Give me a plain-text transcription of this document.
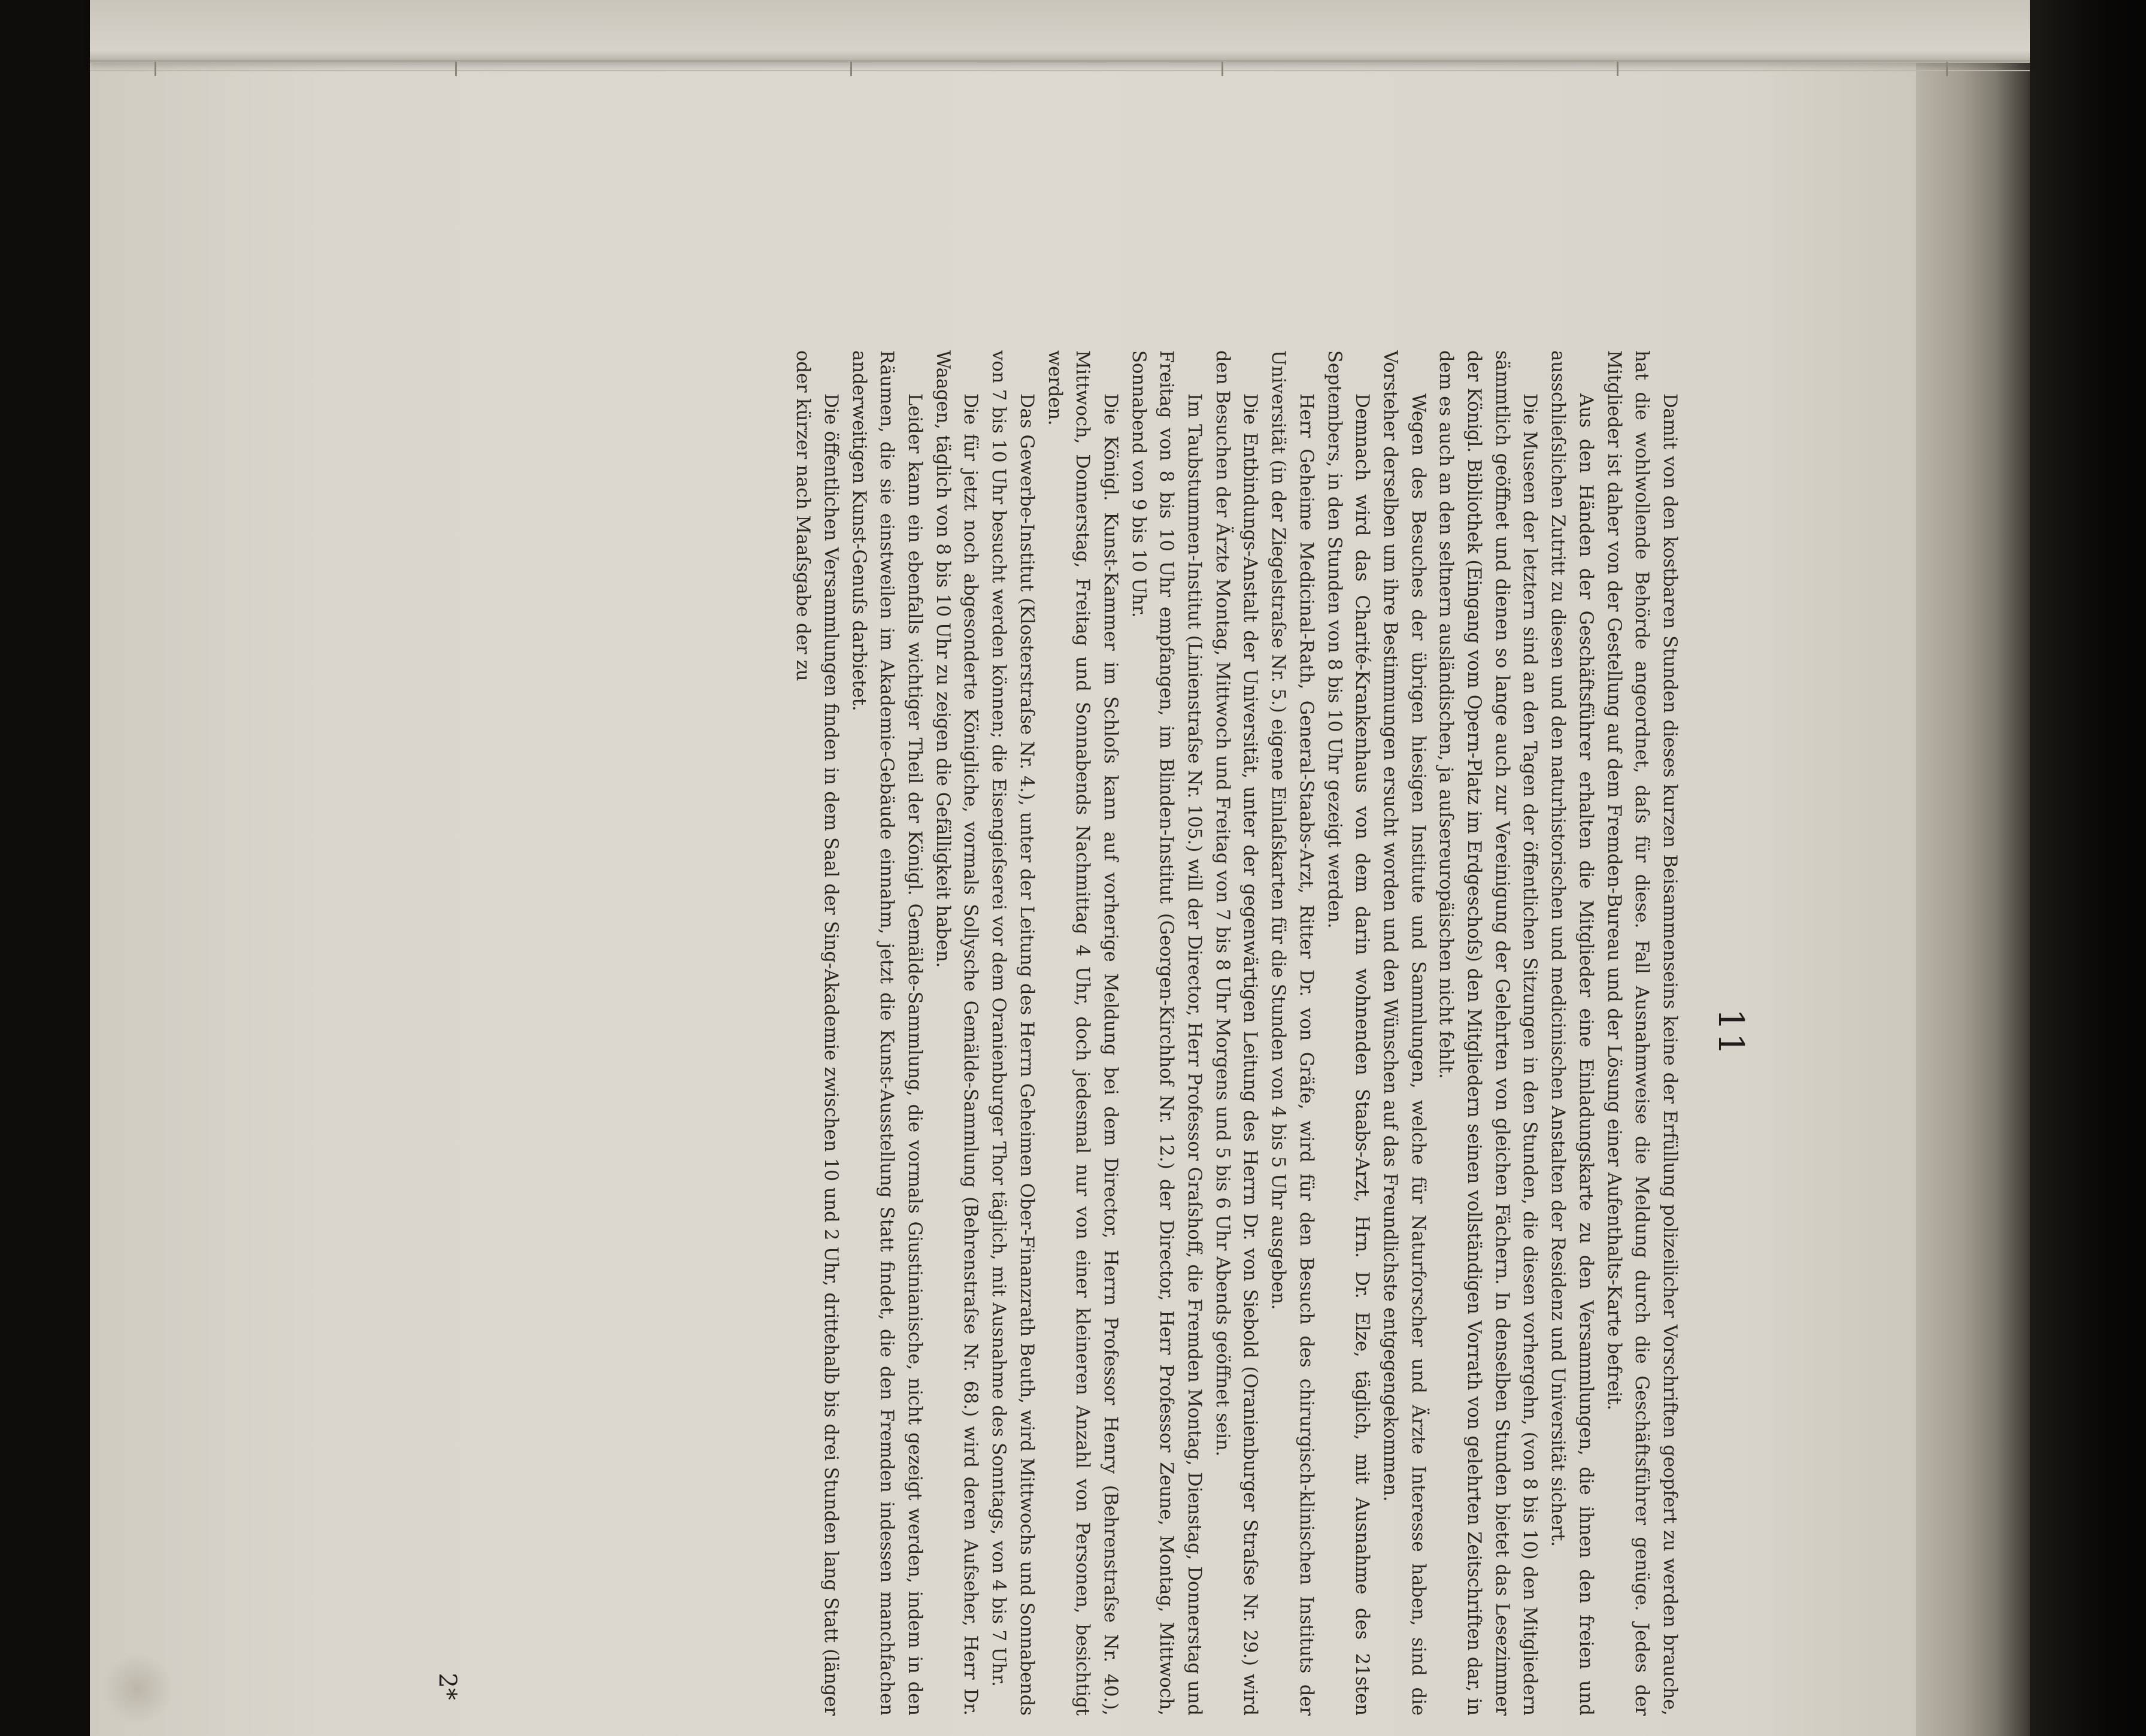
11

Damit von den kostbaren Stunden dieses kurzen Beisammenseins keine der Erfüllung polizeilicher Vorschriften geopfert zu werden brauche, hat die wohlwollende Behörde angeordnet, daſs für diese. Fall Ausnahmweise die Meldung durch die Geschäftsführer genüge. Jedes der Mitglieder ist daher von der Gestellung auf dem Fremden-Bureau und der Lösung einer Aufenthalts-Karte befreit.

Aus den Händen der Geschäftsführer erhalten die Mitglieder eine Einladungskarte zu den Versammlungen, die ihnen den freien und ausschlieſslichen Zutritt zu diesen und den naturhistorischen und medicinischen Anstalten der Residenz und Universität sichert.

Die Museen der letztern sind an den Tagen der öffentlichen Sitzungen in den Stunden, die diesen vorhergehn, (von 8 bis 10) den Mitgliedern sämmtlich geöffnet und dienen so lange auch zur Vereinigung der Gelehrten von gleichen Fächern. In denselben Stunden bietet das Lesezimmer der Königl. Bibliothek (Eingang vom Opern-Platz im Erdgeschoſs) den Mitgliedern seinen vollständigen Vorrath von gelehrten Zeitschriften dar, in dem es auch an den seltnern ausländischen, ja auſsereuropäischen nicht fehlt.

Wegen des Besuches der übrigen hiesigen Institute und Sammlungen, welche für Naturforscher und Ärzte Interesse haben, sind die Vorsteher derselben um ihre Bestimmungen ersucht worden und den Wünschen auf das Freundlichste entgegengekommen.

Demnach wird das Charité-Krankenhaus von dem darin wohnenden Staabs-Arzt, Hrn. Dr. Elze, täglich, mit Ausnahme des 21sten Septembers, in den Stunden von 8 bis 10 Uhr gezeigt werden.

Herr Geheime Medicinal-Rath, General-Staabs-Arzt, Ritter Dr. von Gräfe, wird für den Besuch des chirurgisch-klinischen Instituts der Universität (in der Ziegelstraſse Nr. 5.) eigene Einlaſskarten für die Stunden von 4 bis 5 Uhr ausgeben.

Die Entbindungs-Anstalt der Universität, unter der gegenwärtigen Leitung des Herrn Dr. von Siebold (Oranienburger Straſse Nr. 29.) wird den Besuchen der Ärzte Montag, Mittwoch und Freitag von 7 bis 8 Uhr Morgens und 5 bis 6 Uhr Abends geöffnet sein.

Im Taubstummen-Institut (Linienstraſse Nr. 105.) will der Director, Herr Professor Graſshoff, die Fremden Montag, Dienstag, Donnerstag und Freitag von 8 bis 10 Uhr empfangen, im Blinden-Institut (Georgen-Kirchhof Nr. 12.) der Director, Herr Professor Zeune, Montag, Mittwoch, Sonnabend von 9 bis 10 Uhr.

Die Königl. Kunst-Kammer im Schloſs kann auf vorherige Meldung bei dem Director, Herrn Professor Henry (Behrenstraſse Nr. 40.), Mittwoch, Donnerstag, Freitag und Sonnabends Nachmittag 4 Uhr, doch jedesmal nur von einer kleineren Anzahl von Personen, besichtigt werden.

Das Gewerbe-Institut (Klosterstraſse Nr. 4.), unter der Leitung des Herrn Geheimen Ober-Finanzrath Beuth, wird Mittwochs und Sonnabends von 7 bis 10 Uhr besucht werden können; die Eisengieſserei vor dem Oranienburger Thor täglich, mit Ausnahme des Sonntags, von 4 bis 7 Uhr.

Die für jetzt noch abgesonderte Königliche, vormals Sollysche Gemälde-Sammlung (Behrenstraſse Nr. 68.) wird deren Aufseher, Herr Dr. Waagen, täglich von 8 bis 10 Uhr zu zeigen die Gefälligkeit haben.

Leider kann ein ebenfalls wichtiger Theil der Königl. Gemälde-Sammlung, die vormals Giustinianische, nicht gezeigt werden, indem in den Räumen, die sie einstweilen im Akademie-Gebäude einnahm, jetzt die Kunst-Ausstellung Statt findet, die den Fremden indessen manchfachen anderweitigen Kunst-Genuſs darbietet.

Die öffentlichen Versammlungen finden in dem Saal der Sing-Akademie zwischen 10 und 2 Uhr, drittehalb bis drei Stunden lang Statt (länger oder kürzer nach Maaſsgabe der zu

2*
